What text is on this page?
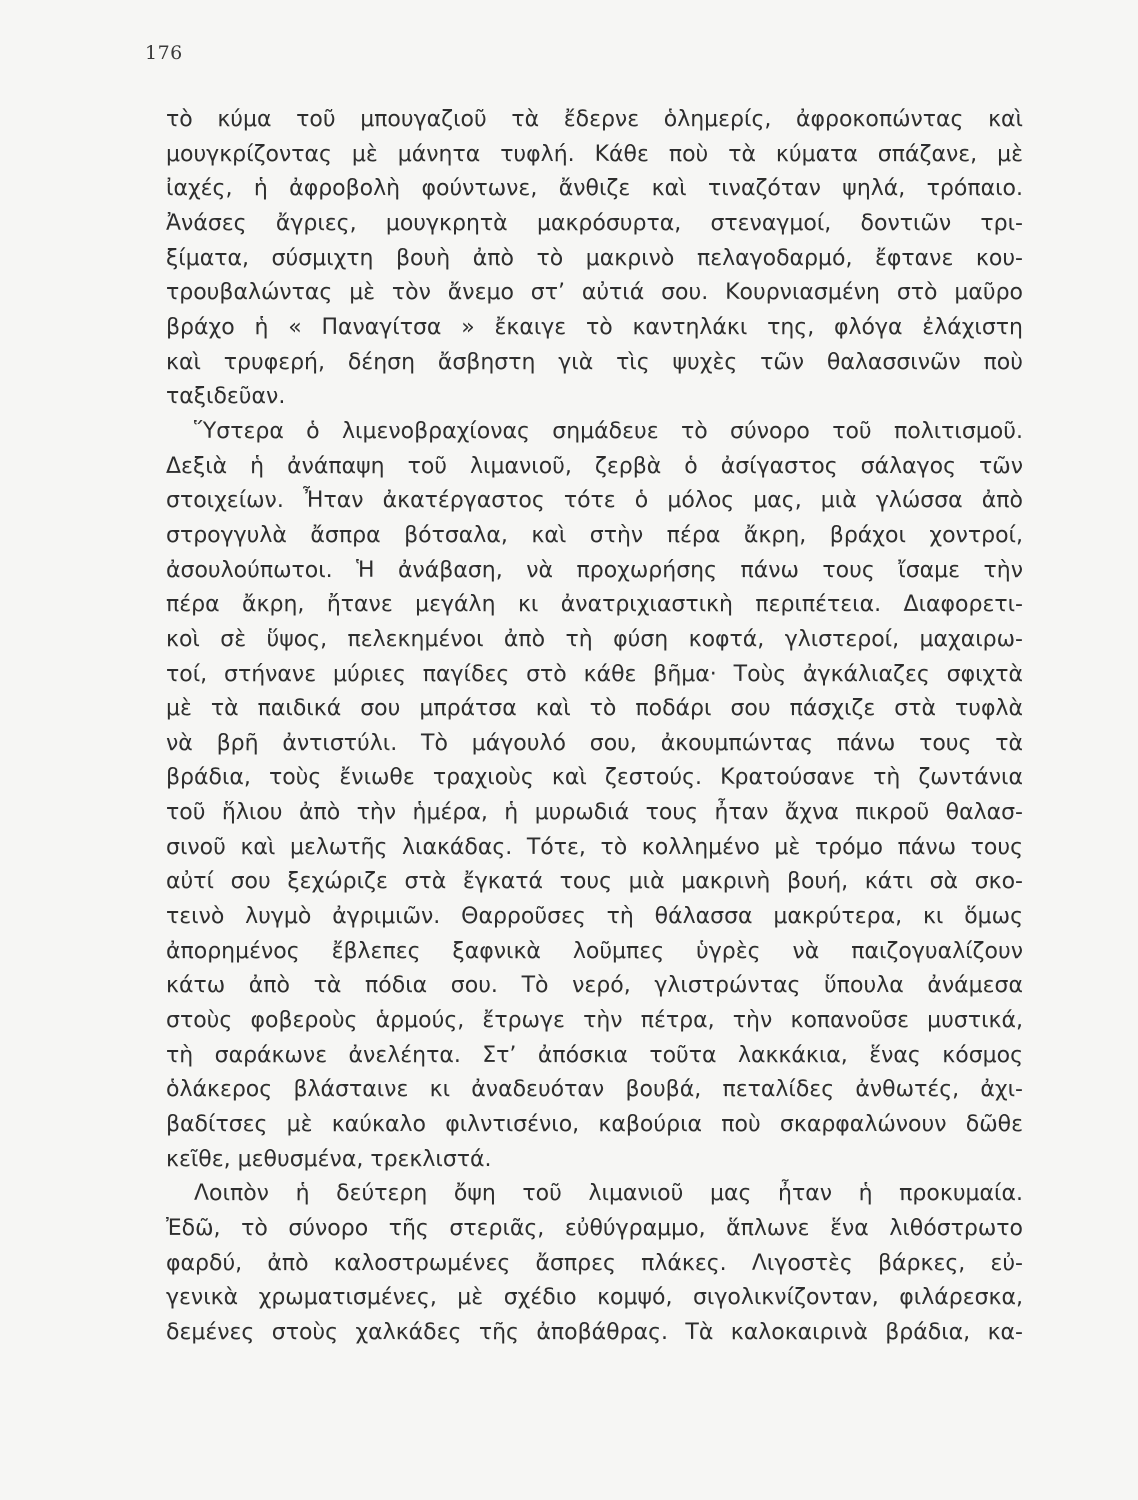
176
τὸ κύμα τοῦ μπουγαζιοῦ τὰ ἔδερνε ὁλημερίς, ἀφροκοπώντας καὶ
μουγκρίζοντας μὲ μάνητα τυφλή. Κάθε ποὺ τὰ κύματα σπάζανε, μὲ
ἰαχές, ἡ ἀφροβολὴ φούντωνε, ἄνθιζε καὶ τιναζόταν ψηλά, τρόπαιο.
Ἀνάσες ἄγριες, μουγκρητὰ μακρόσυρτα, στεναγμοί, δοντιῶν τρι-
ξίματα, σύσμιχτη βουὴ ἀπὸ τὸ μακρινὸ πελαγοδαρμό, ἔφτανε κου-
τρουβαλώντας μὲ τὸν ἄνεμο στ’ αὐτιά σου. Κουρνιασμένη στὸ μαῦρο
βράχο ἡ « Παναγίτσα » ἔκαιγε τὸ καντηλάκι της, φλόγα ἐλάχιστη
καὶ τρυφερή, δέηση ἄσβηστη γιὰ τὶς ψυχὲς τῶν θαλασσινῶν ποὺ
ταξιδεῦαν.
Ὕστερα ὁ λιμενοβραχίονας σημάδευε τὸ σύνορο τοῦ πολιτισμοῦ.
Δεξιὰ ἡ ἀνάπαψη τοῦ λιμανιοῦ, ζερβὰ ὁ ἀσίγαστος σάλαγος τῶν
στοιχείων. Ἦταν ἀκατέργαστος τότε ὁ μόλος μας, μιὰ γλώσσα ἀπὸ
στρογγυλὰ ἄσπρα βότσαλα, καὶ στὴν πέρα ἄκρη, βράχοι χοντροί,
ἀσουλούπωτοι. Ἡ ἀνάβαση, νὰ προχωρήσης πάνω τους ἴσαμε τὴν
πέρα ἄκρη, ἤτανε μεγάλη κι ἀνατριχιαστικὴ περιπέτεια. Διαφορετι-
κοὶ σὲ ὕψος, πελεκημένοι ἀπὸ τὴ φύση κοφτά, γλιστεροί, μαχαιρω-
τοί, στήνανε μύριες παγίδες στὸ κάθε βῆμα· Τοὺς ἀγκάλιαζες σφιχτὰ
μὲ τὰ παιδικά σου μπράτσα καὶ τὸ ποδάρι σου πάσχιζε στὰ τυφλὰ
νὰ βρῆ ἀντιστύλι. Τὸ μάγουλό σου, ἀκουμπώντας πάνω τους τὰ
βράδια, τοὺς ἔνιωθε τραχιοὺς καὶ ζεστούς. Κρατούσανε τὴ ζωντάνια
τοῦ ἥλιου ἀπὸ τὴν ἡμέρα, ἡ μυρωδιά τους ἦταν ἄχνα πικροῦ θαλασ-
σινοῦ καὶ μελωτῆς λιακάδας. Τότε, τὸ κολλημένο μὲ τρόμο πάνω τους
αὐτί σου ξεχώριζε στὰ ἔγκατά τους μιὰ μακρινὴ βουή, κάτι σὰ σκο-
τεινὸ λυγμὸ ἀγριμιῶν. Θαρροῦσες τὴ θάλασσα μακρύτερα, κι ὅμως
ἀπορημένος ἔβλεπες ξαφνικὰ λοῦμπες ὑγρὲς νὰ παιζογυαλίζουν
κάτω ἀπὸ τὰ πόδια σου. Τὸ νερό, γλιστρώντας ὕπουλα ἀνάμεσα
στοὺς φοβεροὺς ἁρμούς, ἔτρωγε τὴν πέτρα, τὴν κοπανοῦσε μυστικά,
τὴ σαράκωνε ἀνελέητα. Στ’ ἀπόσκια τοῦτα λακκάκια, ἕνας κόσμος
ὁλάκερος βλάσταινε κι ἀναδευόταν βουβά, πεταλίδες ἀνθωτές, ἀχι-
βαδίτσες μὲ καύκαλο φιλντισένιο, καβούρια ποὺ σκαρφαλώνουν δῶθε
κεῖθε, μεθυσμένα, τρεκλιστά.
Λοιπὸν ἡ δεύτερη ὄψη τοῦ λιμανιοῦ μας ἦταν ἡ προκυμαία.
Ἐδῶ, τὸ σύνορο τῆς στεριᾶς, εὐθύγραμμο, ἅπλωνε ἕνα λιθόστρωτο
φαρδύ, ἀπὸ καλοστρωμένες ἄσπρες πλάκες. Λιγοστὲς βάρκες, εὐ-
γενικὰ χρωματισμένες, μὲ σχέδιο κομψό, σιγολικνίζονταν, φιλάρεσκα,
δεμένες στοὺς χαλκάδες τῆς ἀποβάθρας. Τὰ καλοκαιρινὰ βράδια, κα-
